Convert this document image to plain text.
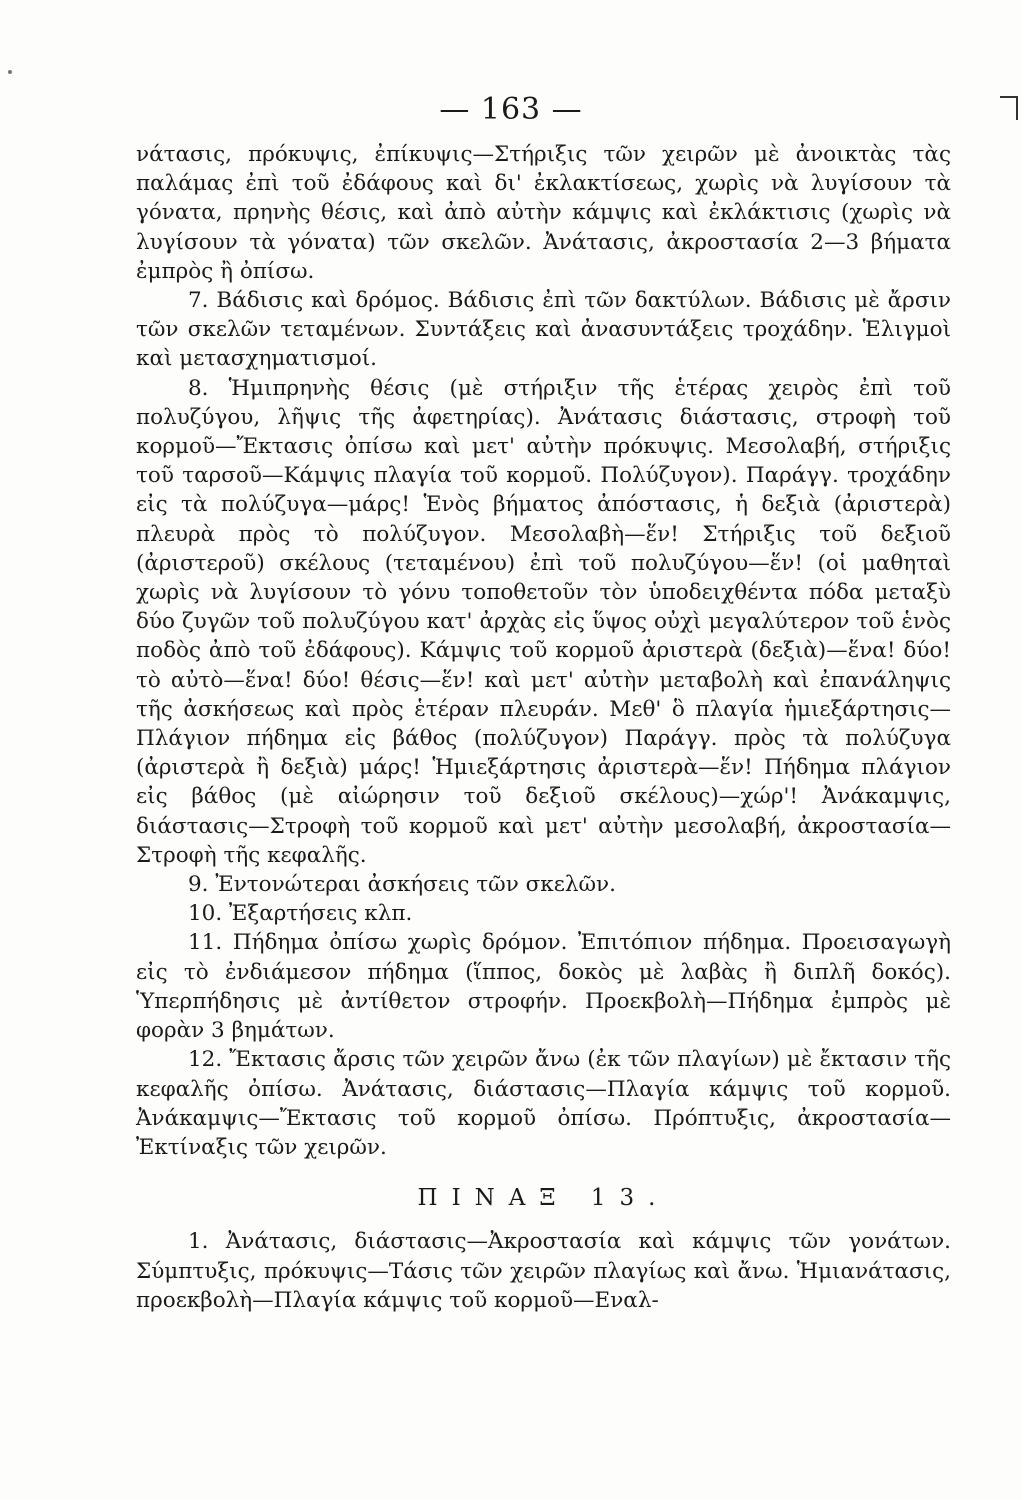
— 163 —

νάτασις, πρόκυψις, ἐπίκυψις—Στήριξις τῶν χειρῶν μὲ ἀνοικτὰς τὰς παλάμας ἐπὶ τοῦ ἐδάφους καὶ δι' ἐκλακτίσεως, χωρὶς νὰ λυγίσουν τὰ γόνατα, πρηνὴς θέσις, καὶ ἀπὸ αὐτὴν κάμψις καὶ ἐκλάκτισις (χωρὶς νὰ λυγίσουν τὰ γόνατα) τῶν σκελῶν. Ἀνάτασις, ἀκροστασία 2—3 βήματα ἐμπρὸς ἢ ὀπίσω.

7. Βάδισις καὶ δρόμος. Βάδισις ἐπὶ τῶν δακτύλων. Βάδισις μὲ ἄρσιν τῶν σκελῶν τεταμένων. Συντάξεις καὶ ἀνασυντάξεις τροχάδην. Ἑλιγμοὶ καὶ μετασχηματισμοί.

8. Ἡμιπρηνὴς θέσις (μὲ στήριξιν τῆς ἑτέρας χειρὸς ἐπὶ τοῦ πολυζύγου, λῆψις τῆς ἀφετηρίας). Ἀνάτασις διάστασις, στροφὴ τοῦ κορμοῦ—Ἔκτασις ὀπίσω καὶ μετ' αὐτὴν πρόκυψις. Μεσολαβή, στήριξις τοῦ ταρσοῦ—Κάμψις πλαγία τοῦ κορμοῦ. Πολύζυγον). Παράγγ. τροχάδην εἰς τὰ πολύζυγα—μάρς! Ἑνὸς βήματος ἀπόστασις, ἡ δεξιὰ (ἀριστερὰ) πλευρὰ πρὸς τὸ πολύζυγον. Μεσολαβὴ—ἕν! Στήριξις τοῦ δεξιοῦ (ἀριστεροῦ) σκέλους (τεταμένου) ἐπὶ τοῦ πολυζύγου—ἕν! (οἱ μαθηταὶ χωρὶς νὰ λυγίσουν τὸ γόνυ τοποθετοῦν τὸν ὑποδειχθέντα πόδα μεταξὺ δύο ζυγῶν τοῦ πολυζύγου κατ' ἀρχὰς εἰς ὕψος οὐχὶ μεγαλύτερον τοῦ ἑνὸς ποδὸς ἀπὸ τοῦ ἐδάφους). Κάμψις τοῦ κορμοῦ ἀριστερὰ (δεξιὰ)—ἕνα! δύο! τὸ αὐτὸ—ἕνα! δύο! θέσις—ἕν! καὶ μετ' αὐτὴν μεταβολὴ καὶ ἐπανάληψις τῆς ἀσκήσεως καὶ πρὸς ἑτέραν πλευράν. Μεθ' ὃ πλαγία ἡμιεξάρτησις—Πλάγιον πήδημα εἰς βάθος (πολύζυγον) Παράγγ. πρὸς τὰ πολύζυγα (ἀριστερὰ ἢ δεξιὰ) μάρς! Ἡμιεξάρτησις ἀριστερὰ—ἕν! Πήδημα πλάγιον εἰς βάθος (μὲ αἰώρησιν τοῦ δεξιοῦ σκέλους)—χώρ'! Ἀνάκαμψις, διάστασις—Στροφὴ τοῦ κορμοῦ καὶ μετ' αὐτὴν μεσολαβή, ἀκροστασία—Στροφὴ τῆς κεφαλῆς.

9. Ἐντονώτεραι ἀσκήσεις τῶν σκελῶν.

10. Ἐξαρτήσεις κλπ.

11. Πήδημα ὀπίσω χωρὶς δρόμον. Ἐπιτόπιον πήδημα. Προεισαγωγὴ εἰς τὸ ἐνδιάμεσον πήδημα (ἵππος, δοκὸς μὲ λαβὰς ἢ διπλῆ δοκός). Ὑπερπήδησις μὲ ἀντίθετον στροφήν. Προεκβολὴ—Πήδημα ἐμπρὸς μὲ φορὰν 3 βημάτων.

12. Ἔκτασις ἄρσις τῶν χειρῶν ἄνω (ἐκ τῶν πλαγίων) μὲ ἔκτασιν τῆς κεφαλῆς ὀπίσω. Ἀνάτασις, διάστασις—Πλαγία κάμψις τοῦ κορμοῦ. Ἀνάκαμψις—Ἔκτασις τοῦ κορμοῦ ὀπίσω. Πρόπτυξις, ἀκροστασία—Ἐκτίναξις τῶν χειρῶν.

ΠΙΝΑΞ 13.

1. Ἀνάτασις, διάστασις—Ἀκροστασία καὶ κάμψις τῶν γονάτων. Σύμπτυξις, πρόκυψις—Τάσις τῶν χειρῶν πλαγίως καὶ ἄνω. Ἡμιανάτασις, προεκβολὴ—Πλαγία κάμψις τοῦ κορμοῦ—Εναλ-
